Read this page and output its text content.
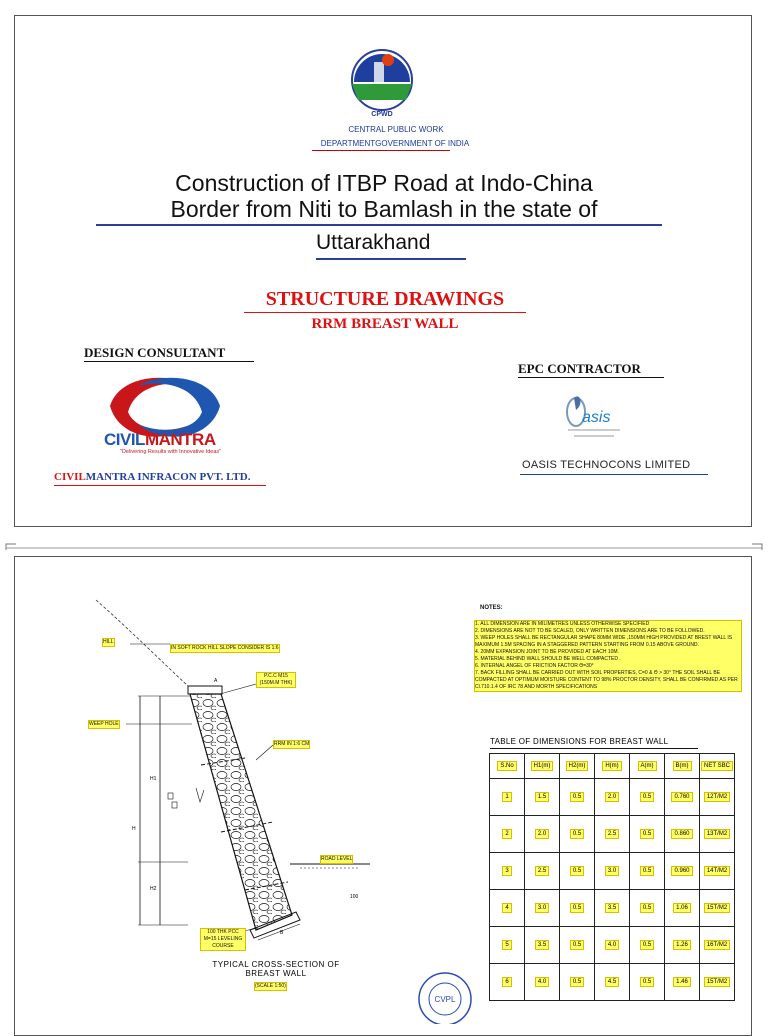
CPWD
CENTRAL PUBLIC WORK
DEPARTMENTGOVERNMENT OF INDIA
Construction of ITBP Road at Indo-China
Border from Niti to Bamlash in the state of
Uttarakhand
STRUCTURE DRAWINGS
RRM BREAST WALL
DESIGN CONSULTANT
EPC CONTRACTOR
CIVILMANTRA
"Delivering Results with Innovative Ideas"
CIVILMANTRA INFRACON PVT. LTD.
asis
OASIS TECHNOCONS LIMITED
A
H1
H2
H
B
100
HILL
IN SOFT ROCK HILL SLOPE CONSIDER IS 1:6
P.C.C M15
(150M.M THK)
WEEP HOLE
RRM IN 1:6 CM
ROAD LEVEL
100 THK PCC
M=15 LEVELING
COURSE
TYPICAL CROSS-SECTION OF
BREAST WALL
(SCALE 1:50)
NOTES:
1. ALL DIMENSION ARE IN MILIMETRES UNLESS OTHERWISE SPECIFIED
2. DIMENSIONS ARE NOT TO BE SCALED, ONLY WRITTEN DIMENSIONS ARE TO BE FOLLOWED.
3. WEEP HOLES SHALL BE RECTANGULAR SHAPE 80MM WIDE ,150MM HIGH PROVIDED AT BREST WALL IS MAXIMUM 1.5M SPACING IN A STAGGERED PATTERN STARTING FROM 0.15 ABOVE GROUND.
4. 20MM EXPANSION JOINT TO BE PROVIDED AT EACH 10M.
5. MATERIAL BEHIND WALL SHOULD BE WELL COMPACTED .
6. INTERNAL ANGEL OF FRICTION FACTOR Θ=30°
7. BACK FILLING SHALL BE CARRIED OUT WITH SOIL PROPERTIES, C=0 & Θ > 30° THE SOIL SHALL BE COMPACTED AT OPTIMUM MOISTURE CONTENT TO 98% PROCTOR DENSITY, SHALL BE CONFIRMED AS PER Cl.710.1.4 OF IRC 78 AND MORTH SPECIFICATIONS
TABLE OF DIMENSIONS FOR BREAST WALL
S.No	H1(m)	H2(m)	H(m)	A(m)	B(m)	NET SBC
1	1.5	0.5	2.0	0.5	0.760	12T/M2
2	2.0	0.5	2.5	0.5	0.860	13T/M2
3	2.5	0.5	3.0	0.5	0.960	14T/M2
4	3.0	0.5	3.5	0.5	1.06	15T/M2
5	3.5	0.5	4.0	0.5	1.26	16T/M2
6	4.0	0.5	4.5	0.5	1.46	15T/M2
CVPL
